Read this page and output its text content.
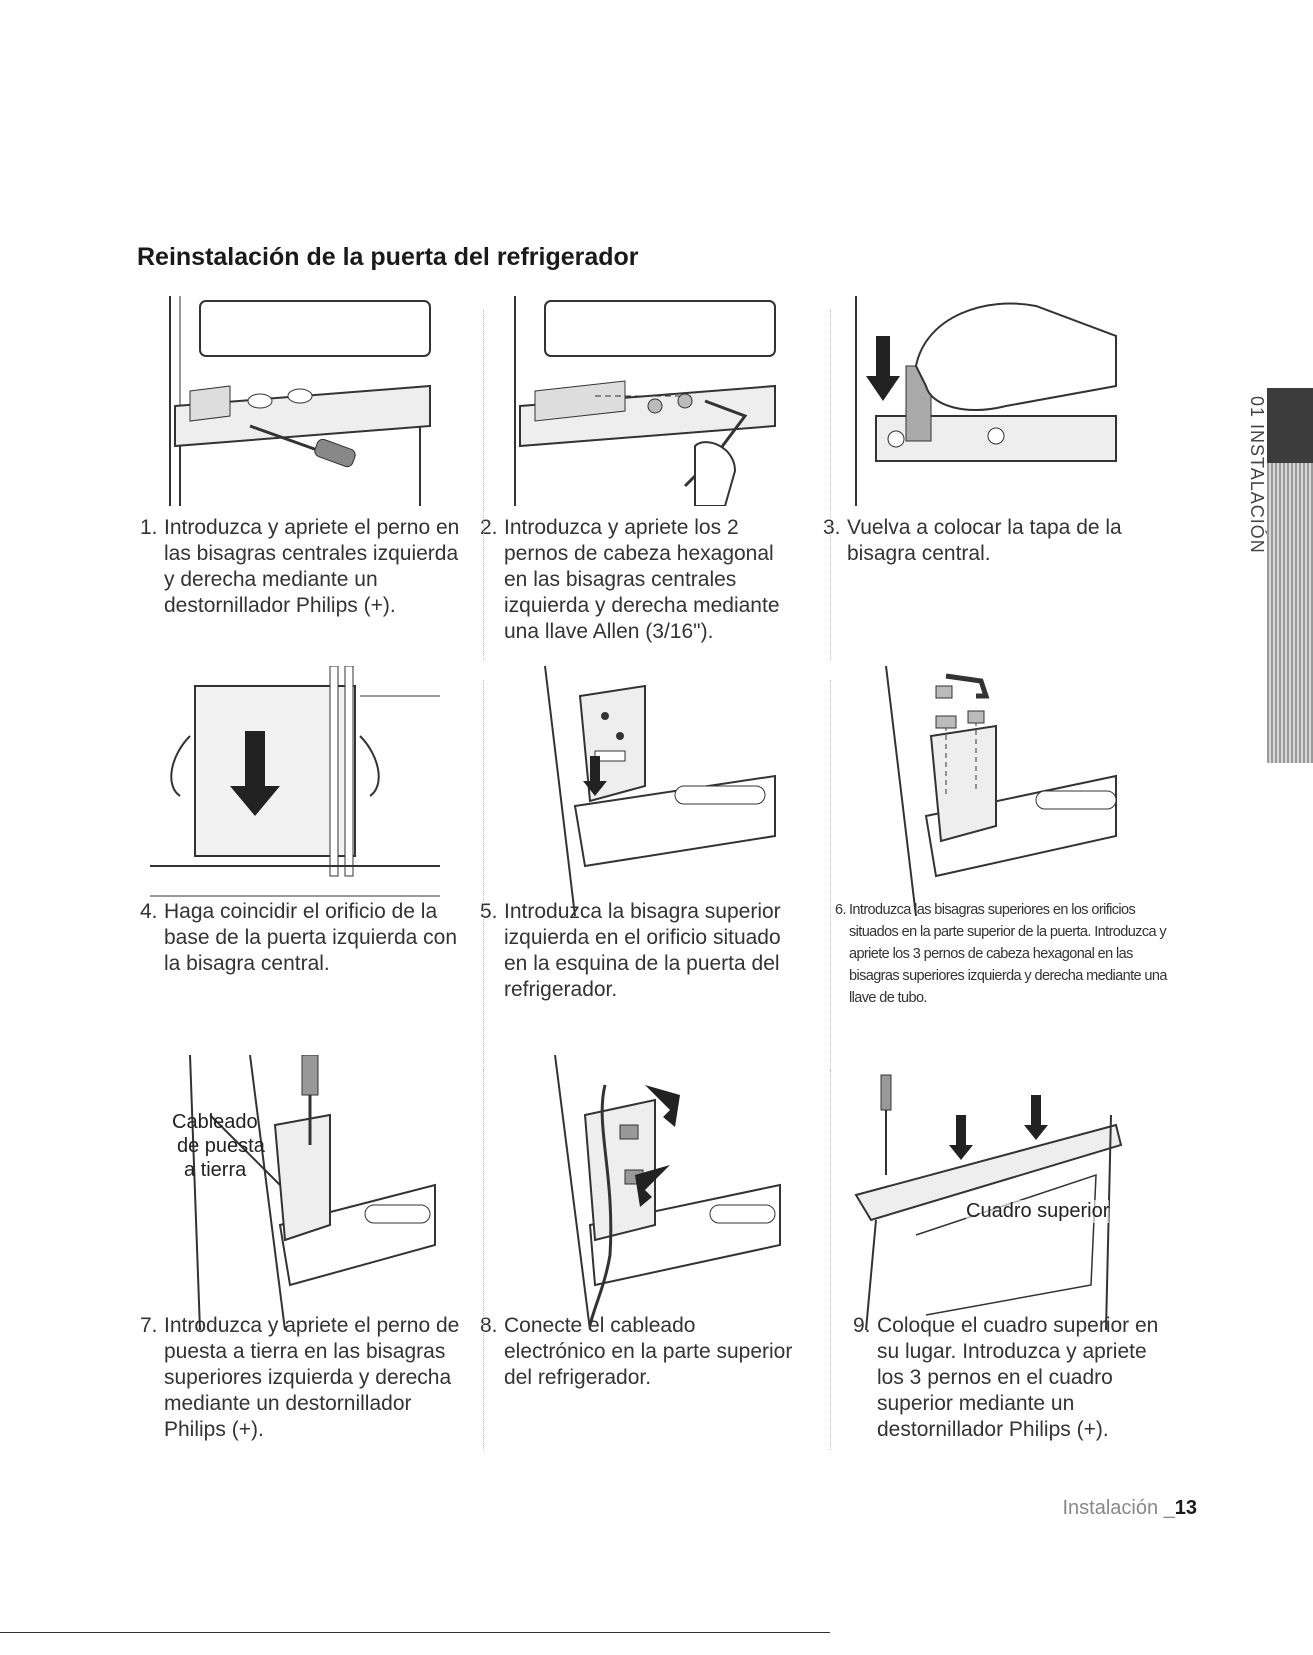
Reinstalación de la puerta del refrigerador
1. Introduzca y apriete el perno en las bisagras centrales izquierda y derecha mediante un destornillador Philips (+).
2. Introduzca y apriete los 2 pernos de cabeza hexagonal en las bisagras centrales izquierda y derecha mediante una llave Allen (3/16").
3. Vuelva a colocar la tapa de la bisagra central.
4. Haga coincidir el orificio de la base de la puerta izquierda con la bisagra central.
5. Introduzca la bisagra superior izquierda en el orificio situado en la esquina de la puerta del refrigerador.
6. Introduzca las bisagras superiores en los orificios situados en la parte superior de la puerta. Introduzca y apriete los 3 pernos de cabeza hexagonal en las bisagras superiores izquierda y derecha mediante una llave de tubo.
Cableado
de puesta
a tierra
Cuadro superior
7. Introduzca y apriete el perno de puesta a tierra en las bisagras superiores izquierda y derecha mediante un destornillador Philips (+).
8. Conecte el cableado electrónico en la parte superior del refrigerador.
9. Coloque el cuadro superior en su lugar. Introduzca y apriete los 3 pernos en el cuadro superior mediante un destornillador Philips (+).
01 INSTALACIÓN
Instalación _13
